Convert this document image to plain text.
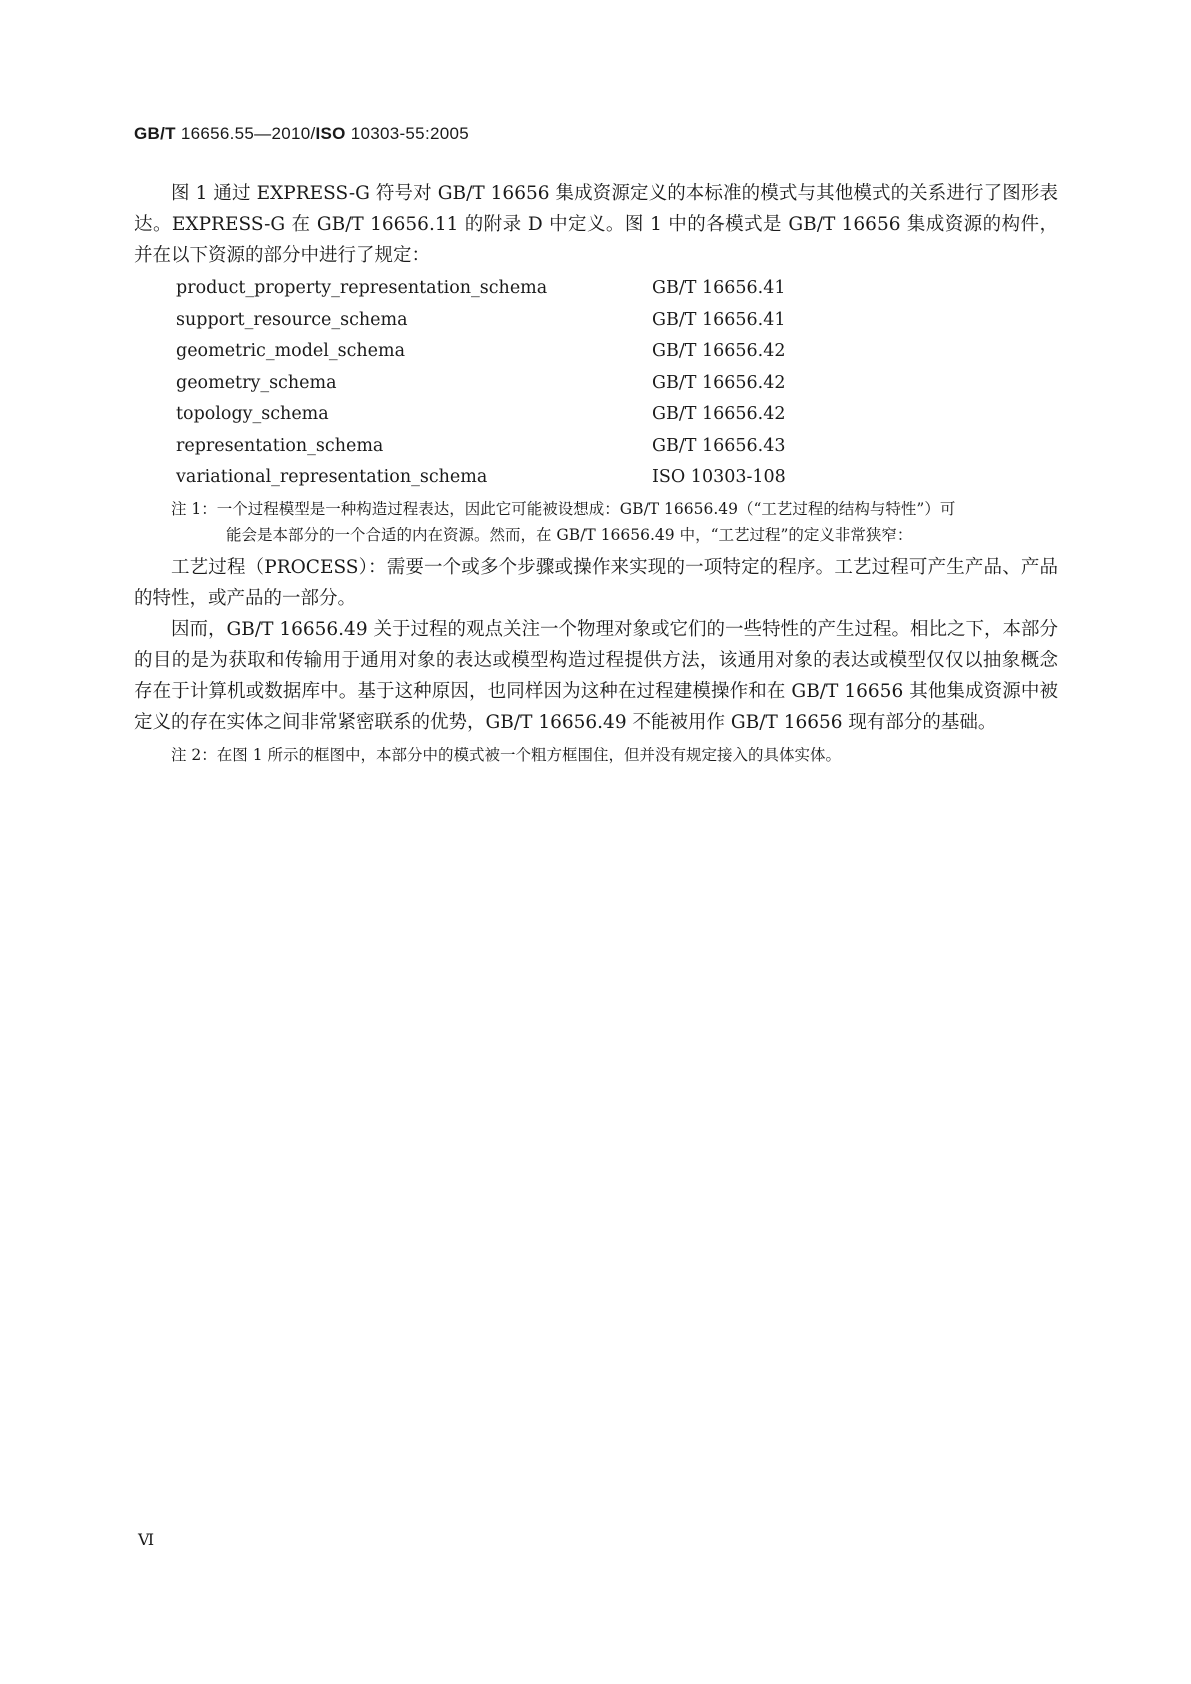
GB/T 16656.55—2010/ISO 10303-55:2005

图 1 通过 EXPRESS-G 符号对 GB/T 16656 集成资源定义的本标准的模式与其他模式的关系进行了图形表达。EXPRESS-G 在 GB/T 16656.11 的附录 D 中定义。图 1 中的各模式是 GB/T 16656 集成资源的构件，并在以下资源的部分中进行了规定：

product_property_representation_schema	GB/T 16656.41
support_resource_schema	GB/T 16656.41
geometric_model_schema	GB/T 16656.42
geometry_schema	GB/T 16656.42
topology_schema	GB/T 16656.42
representation_schema	GB/T 16656.43
variational_representation_schema	ISO 10303-108

注 1：一个过程模型是一种构造过程表达，因此它可能被设想成：GB/T 16656.49（“工艺过程的结构与特性”）可
能会是本部分的一个合适的内在资源。然而，在 GB/T 16656.49 中，“工艺过程”的定义非常狭窄：

工艺过程（PROCESS）：需要一个或多个步骤或操作来实现的一项特定的程序。工艺过程可产生产品、产品的特性，或产品的一部分。

因而，GB/T 16656.49 关于过程的观点关注一个物理对象或它们的一些特性的产生过程。相比之下，本部分的目的是为获取和传输用于通用对象的表达或模型构造过程提供方法，该通用对象的表达或模型仅仅以抽象概念存在于计算机或数据库中。基于这种原因，也同样因为这种在过程建模操作和在 GB/T 16656 其他集成资源中被定义的存在实体之间非常紧密联系的优势，GB/T 16656.49 不能被用作 GB/T 16656 现有部分的基础。

注 2：在图 1 所示的框图中，本部分中的模式被一个粗方框围住，但并没有规定接入的具体实体。

Ⅵ
